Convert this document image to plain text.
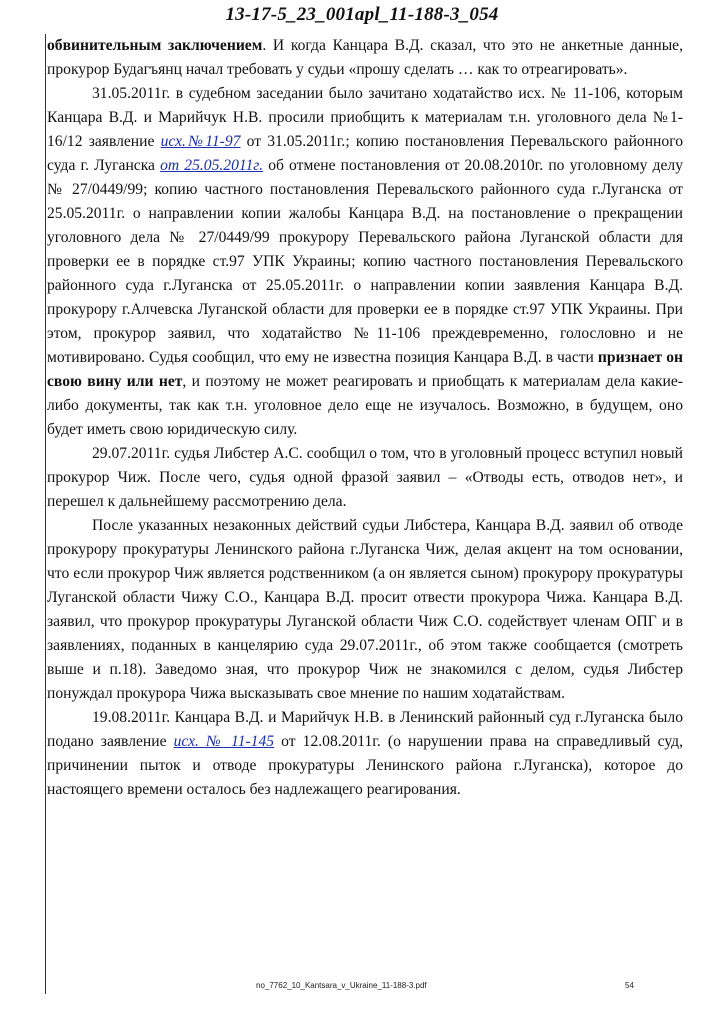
13-17-5_23_001apl_11-188-3_054

обвинительным заключением. И когда Канцара В.Д. сказал, что это не анкетные данные, прокурор Будагъянц начал требовать у судьи «прошу сделать … как то отреагировать».

31.05.2011г. в судебном заседании было зачитано ходатайство исх. № 11-106, которым Канцара В.Д. и Марийчук Н.В. просили приобщить к материалам т.н. уголовного дела №1-16/12 заявление исх.№11-97 от 31.05.2011г.; копию постановления Перевальского районного суда г. Луганска от 25.05.2011г. об отмене постановления от 20.08.2010г. по уголовному делу № 27/0449/99; копию частного постановления Перевальского районного суда г.Луганска от 25.05.2011г. о направлении копии жалобы Канцара В.Д. на постановление о прекращении уголовного дела № 27/0449/99 прокурору Перевальского района Луганской области для проверки ее в порядке ст.97 УПК Украины; копию частного постановления Перевальского районного суда г.Луганска от 25.05.2011г. о направлении копии заявления Канцара В.Д. прокурору г.Алчевска Луганской области для проверки ее в порядке ст.97 УПК Украины. При этом, прокурор заявил, что ходатайство №11-106 преждевременно, голословно и не мотивировано. Судья сообщил, что ему не известна позиция Канцара В.Д. в части признает он свою вину или нет, и поэтому не может реагировать и приобщать к материалам дела какие-либо документы, так как т.н. уголовное дело еще не изучалось. Возможно, в будущем, оно будет иметь свою юридическую силу.

29.07.2011г. судья Либстер А.С. сообщил о том, что в уголовный процесс вступил новый прокурор Чиж. После чего, судья одной фразой заявил – «Отводы есть, отводов нет», и перешел к дальнейшему рассмотрению дела.

После указанных незаконных действий судьи Либстера, Канцара В.Д. заявил об отводе прокурору прокуратуры Ленинского района г.Луганска Чиж, делая акцент на том основании, что если прокурор Чиж является родственником (а он является сыном) прокурору прокуратуры Луганской области Чижу С.О., Канцара В.Д. просит отвести прокурора Чижа. Канцара В.Д. заявил, что прокурор прокуратуры Луганской области Чиж С.О. содействует членам ОПГ и в заявлениях, поданных в канцелярию суда 29.07.2011г., об этом также сообщается (смотреть выше и п.18). Заведомо зная, что прокурор Чиж не знакомился с делом, судья Либстер понуждал прокурора Чижа высказывать свое мнение по нашим ходатайствам.

19.08.2011г. Канцара В.Д. и Марийчук Н.В. в Ленинский районный суд г.Луганска было подано заявление исх. № 11-145 от 12.08.2011г. (о нарушении права на справедливый суд, причинении пыток и отводе прокуратуры Ленинского района г.Луганска), которое до настоящего времени осталось без надлежащего реагирования.

no_7762_10_Kantsara_v_Ukraine_11-188-3.pdf	54
